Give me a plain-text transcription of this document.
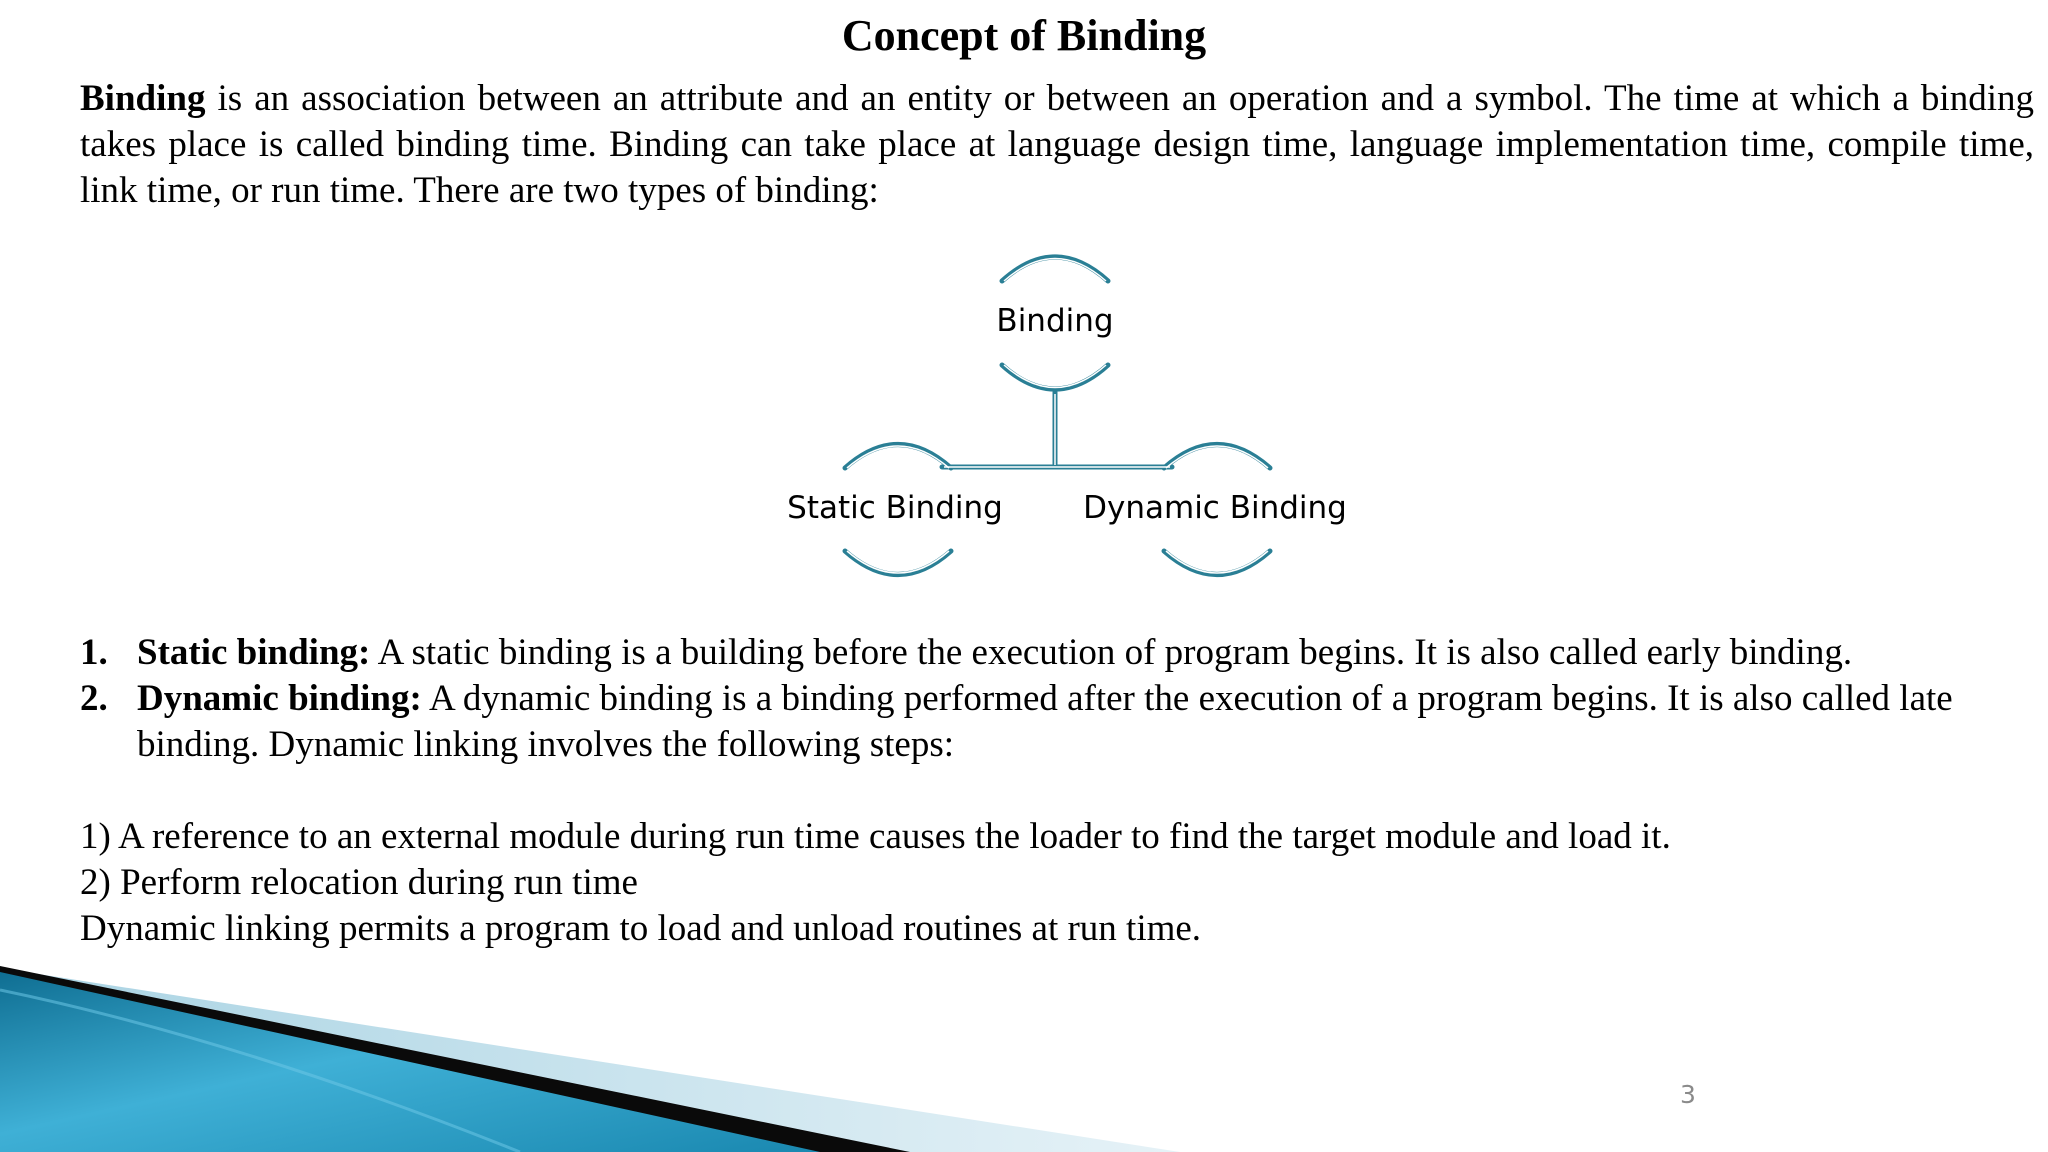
Concept of Binding

Binding is an association between an attribute and an entity or between an operation and a symbol. The time at which a binding takes place is called binding time. Binding can take place at language design time, language implementation time, compile time, link time, or run time. There are two types of binding:

Binding
Static Binding	Dynamic Binding
1. Static binding: A static binding is a building before the execution of program begins. It is also called early binding.
2. Dynamic binding: A dynamic binding is a binding performed after the execution of a program begins. It is also called late binding. Dynamic linking involves the following steps:
1) A reference to an external module during run time causes the loader to find the target module and load it.
2) Perform relocation during run time
Dynamic linking permits a program to load and unload routines at run time.
3
